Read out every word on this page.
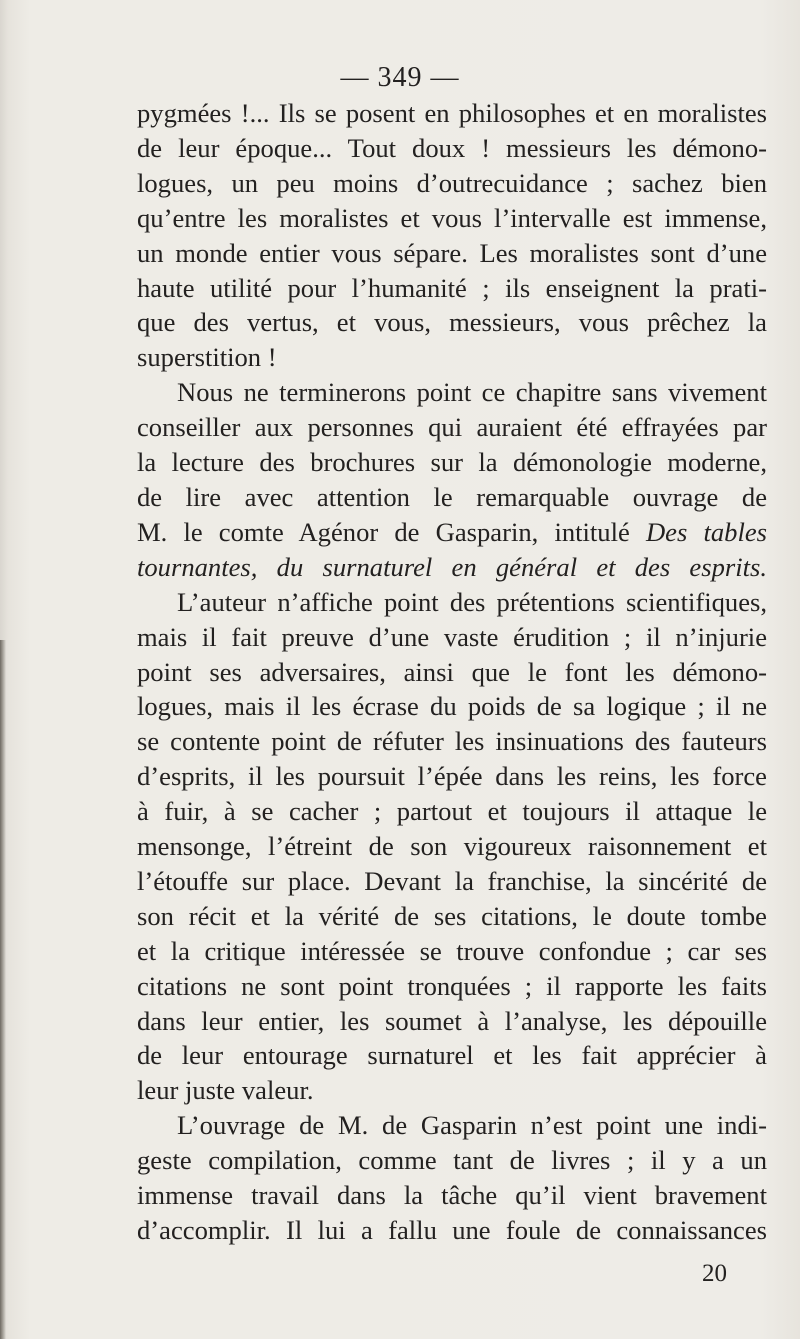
— 349 —
pygmées !... Ils se posent en philosophes et en moralistes
de leur époque... Tout doux ! messieurs les démono-
logues, un peu moins d’outrecuidance ; sachez bien
qu’entre les moralistes et vous l’intervalle est immense,
un monde entier vous sépare. Les moralistes sont d’une
haute utilité pour l’humanité ; ils enseignent la prati-
que des vertus, et vous, messieurs, vous prêchez la
superstition !
Nous ne terminerons point ce chapitre sans vivement
conseiller aux personnes qui auraient été effrayées par
la lecture des brochures sur la démonologie moderne,
de lire avec attention le remarquable ouvrage de
M. le comte Agénor de Gasparin, intitulé Des tables
tournantes, du surnaturel en général et des esprits.
L’auteur n’affiche point des prétentions scientifiques,
mais il fait preuve d’une vaste érudition ; il n’injurie
point ses adversaires, ainsi que le font les démono-
logues, mais il les écrase du poids de sa logique ; il ne
se contente point de réfuter les insinuations des fauteurs
d’esprits, il les poursuit l’épée dans les reins, les force
à fuir, à se cacher ; partout et toujours il attaque le
mensonge, l’étreint de son vigoureux raisonnement et
l’étouffe sur place. Devant la franchise, la sincérité de
son récit et la vérité de ses citations, le doute tombe
et la critique intéressée se trouve confondue ; car ses
citations ne sont point tronquées ; il rapporte les faits
dans leur entier, les soumet à l’analyse, les dépouille
de leur entourage surnaturel et les fait apprécier à
leur juste valeur.
L’ouvrage de M. de Gasparin n’est point une indi-
geste compilation, comme tant de livres ; il y a un
immense travail dans la tâche qu’il vient bravement
d’accomplir. Il lui a fallu une foule de connaissances
20
